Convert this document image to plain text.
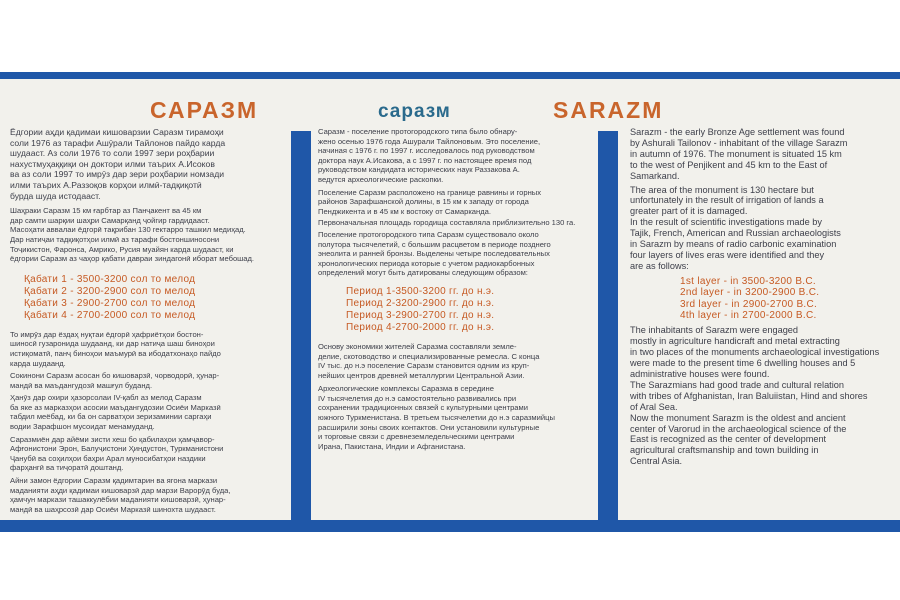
САРАЗМ	саразм	SARAZM

Ёдгории аҳди қадимаи кишоварзии Саразм тирамоҳи

соли 1976 аз тарафи Ашӯрали Тайлонов пайдо карда

шудааст. Аз соли 1976 то соли 1997 зери роҳбарии

нахустмуҳаққиқи он доктори илми таърих А.Исоков

ва аз соли 1997 то имрӯз дар зери роҳбарии номзади

илми таърих А.Раззоқов корҳои илмӣ-тадқиқотӣ

бурда шуда истодааст.

Шаҳраки Саразм 15 км ғарбтар аз Панҷакент ва 45 км

дар самти шарқии шаҳри Самарқанд ҷойгир гардидааст.

Масоҳати аввалаи ёдгорӣ тақрибан 130 гектарро ташкил медиҳад.

Дар натиҷаи тадқиқотҳои илмӣ аз тарафи бостоншиносони

Тоҷикистон, Фаронса, Амрико, Русия муайян карда шудааст, ки

ёдгории Саразм аз чаҳор қабати давраи зиндагонӣ иборат мебошад.

Қабати 1 - 3500-3200 сол то мелод

Қабати 2 - 3200-2900 сол то мелод

Қабати 3 - 2900-2700 сол то мелод

Қабати 4 - 2700-2000 сол то мелод

То имрӯз дар ёздаҳ нуқтаи ёдгорӣ ҳафриётҳои бостон-

шиносӣ гузаронида шудаанд, ки дар натиҷа шаш биноҳои

истиқоматӣ, панҷ биноҳои маъмурӣ ва ибодатхонаҳо пайдо

карда шудаанд.

Сокинони Саразм асосан бо кишоварзӣ, чорводорӣ, ҳунар-

мандӣ ва маъдангудозӣ машғул буданд.

Ҳанӯз дар охири ҳазорсолаи IV-қабл аз мелод Саразм

ба яке аз марказҳои асосии маъдангудозии Осиёи Марказӣ

табдил меёбад, ки ба он сарватҳои зеризаминии саргаҳи

водии Зарафшон мусоидат менамуданд.

Саразмиён дар айёми зисти хеш бо қабилаҳои ҳамҷавор-

Афғонистони Эрон, Балуҷистони Ҳиндустон, Туркманистони

Ҷанубӣ ва соҳилҳои баҳри Арал муносибатҳои наздики

фарҳангӣ ва тиҷоратӣ доштанд.

Айни замон ёдгории Саразм қадимтарин ва ягона маркази

маданияти аҳди қадимаи кишоварзӣ дар марзи Варорӯд буда,

ҳамчун маркази ташаккулёбии маданияти кишоварзӣ, ҳунар-

мандӣ ва шаҳрсозӣ дар Осиёи Марказӣ шинохта шудааст.

Саразм - поселение протогородского типа было обнару-

жено осенью 1976 года Ашурали Тайлоновым. Это поселение,

начиная с 1976 г. по 1997 г. исследовалось под руководством

доктора наук А.Исакова, а с 1997 г. по настоящее время под

руководством кандидата исторических наук Раззакова А.

ведутся археологические раскопки.

Поселение Саразм расположено на границе равнины и горных

районов Зарафшанской долины, в 15 км к западу от города

Пенджикента и в 45 км к востоку от Самарканда.

Первоначальная площадь городища составляла приблизительно 130 га.

Поселение протогородского типа Саразм существовало около

полутора тысячелетий, с большим расцветом в периоде позднего

энеолита и ранней бронзы. Выделены четыре последовательных

хронологических периода которые с учетом радиокарбонных

определений могут быть датированы следующим образом:

Период 1-3500-3200 гг. до н.э.

Период 2-3200-2900 гг. до н.э.

Период 3-2900-2700 гг. до н.э.

Период 4-2700-2000 гг. до н.э.

Основу экономики жителей Саразма составляли земле-

делие, скотоводство и специализированные ремесла. С конца

IV тыс. до н.э поселение Саразм становится одним из круп-

нейших центров древней металлургии Центральной Азии.

Археологические комплексы Саразма в середине

IV тысячелетия до н.э самостоятельно развивались при

сохранении традиционных связей с культурными центрами

южного Туркменистана. В третьем тысячелетии до н.э саразмийцы

расширили зоны своих контактов. Они установили культурные

и торговые связи с древнеземледельческими центрами

Ирана, Пакистана, Индии и Афганистана.

Sarazm - the early Bronze Age settlement was found

by Ashurali Tailonov - inhabitant of the village Sarazm

in autumn of 1976. The monument is situated 15 km

to the west of Penjikent and 45 km to the East of

Samarkand.

The area of the monument is 130 hectare but

unfortunately in the result of irrigation of lands a

greater part of it is damaged.

In the result of scientific investigations made by

Tajik, French, American and Russian archaeologists

in Sarazm by means of radio carbonic examination

four layers of lives eras were identified and they

are as follows:

1st layer - in 3500-3200 B.C.

2nd layer - in 3200-2900 B.C.

3rd layer - in 2900-2700 B.C.

4th layer - in 2700-2000 B.C.

The inhabitants of Sarazm were engaged

mostly in agriculture handicraft and metal extracting

in two places of the monuments archaeological investigations

were made to the present time 6 dwelling houses and 5

administrative houses were found.

The Sarazmians had good trade and cultural relation

with tribes of Afghanistan, Iran Baluiistan, Hind and shores

of Aral Sea.

Now the monument Sarazm is the oldest and ancient

center of Varorud in the archaeological science of the

East is recognized as the center of development

agricultural craftsmanship and town building in

Central Asia.
